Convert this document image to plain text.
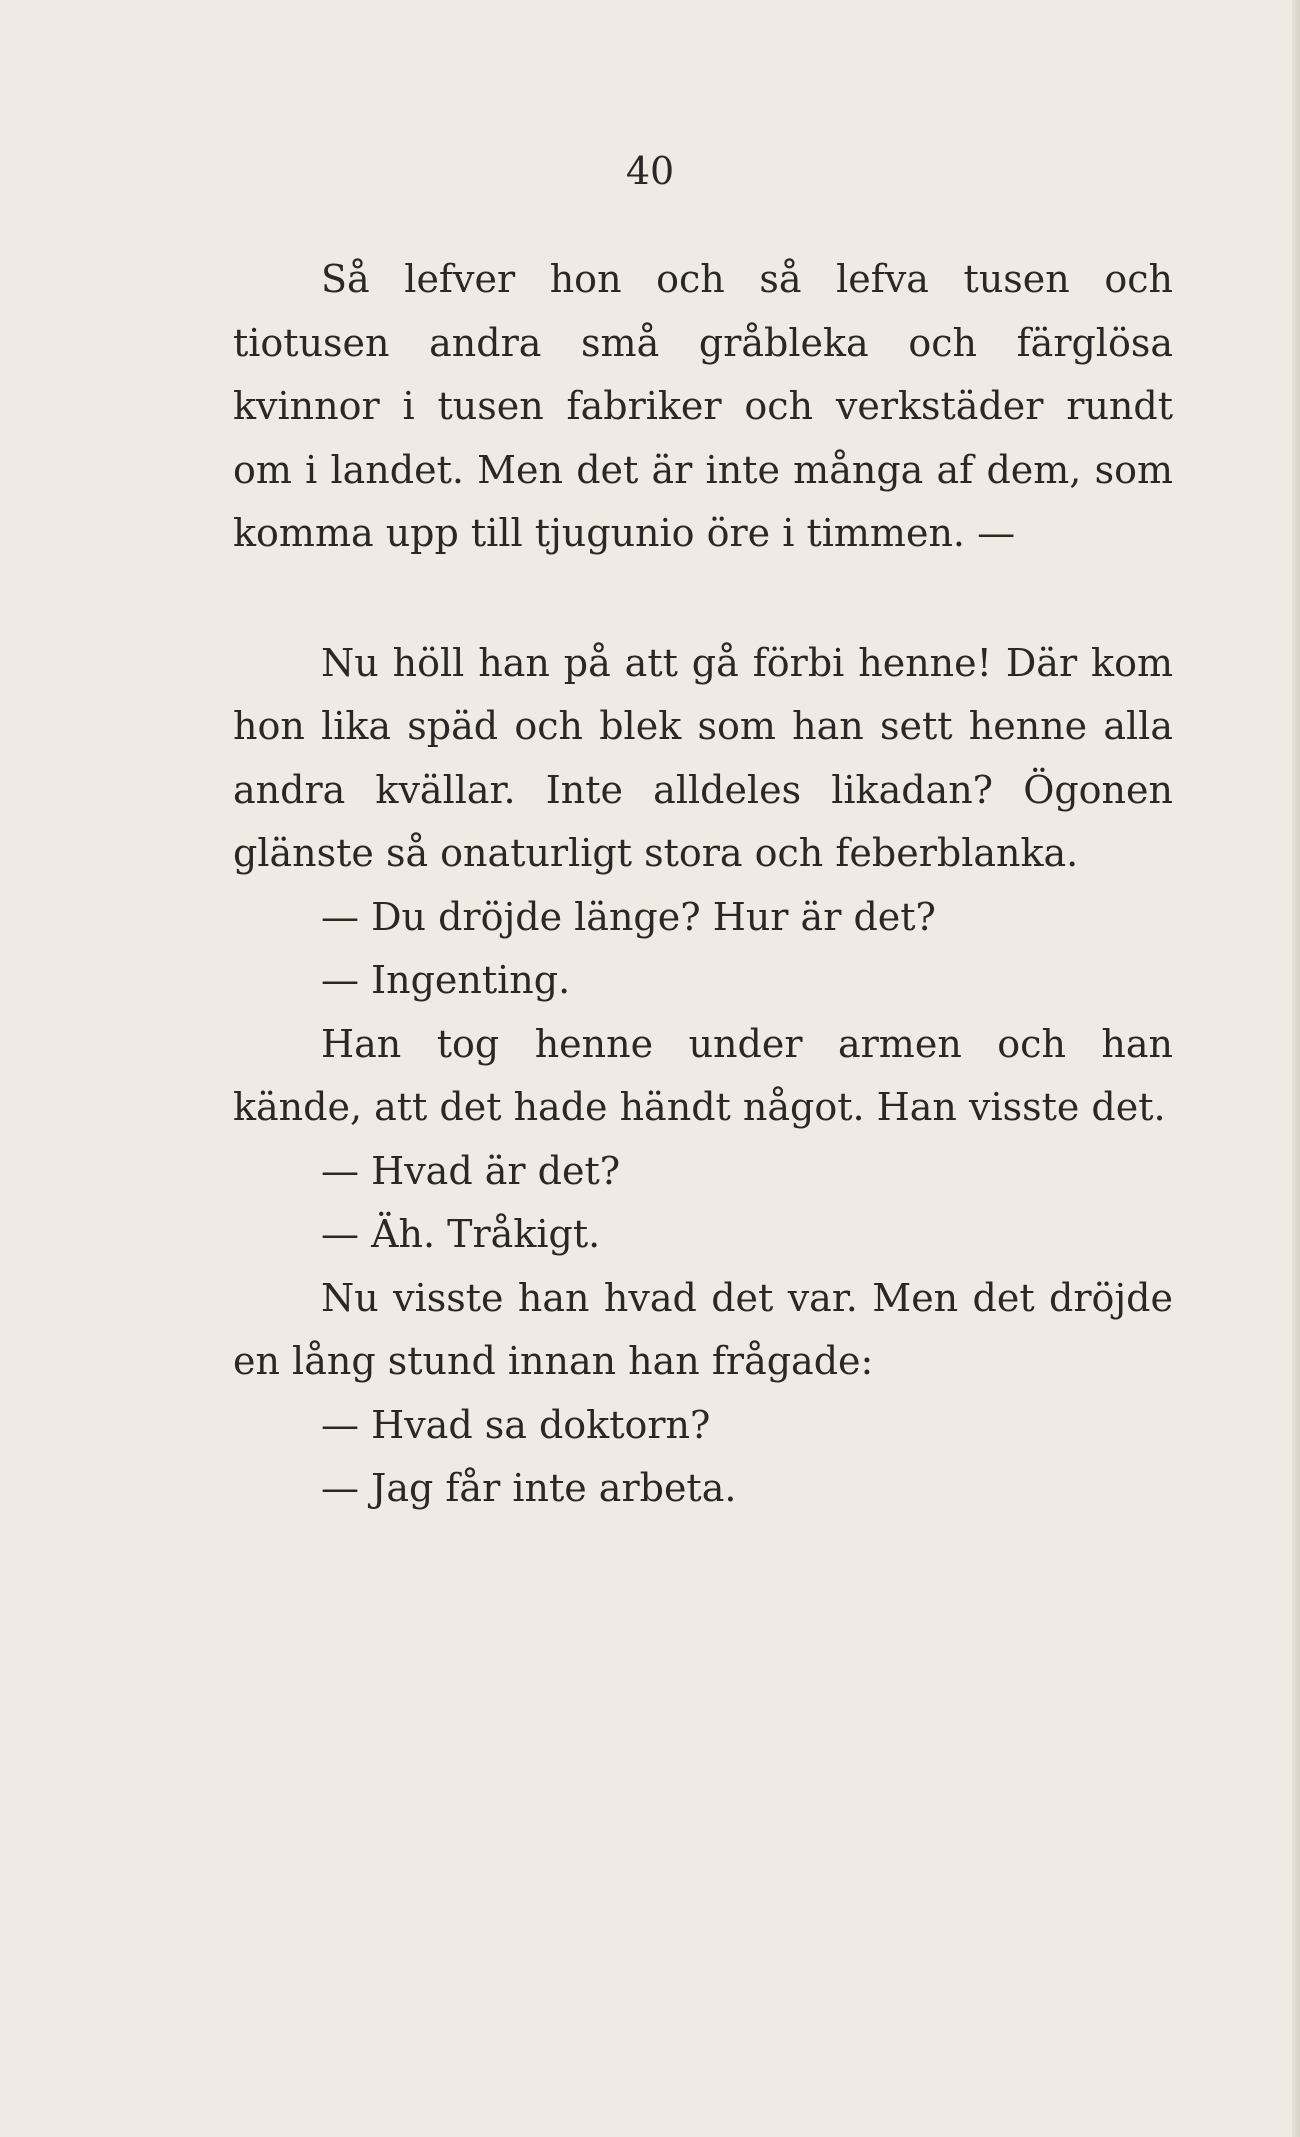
40

Så lefver hon och så lefva tusen och tiotusen andra små gråbleka och färglösa kvinnor i tusen fabriker och verkstäder rundt om i landet. Men det är inte många af dem, som komma upp till tjugunio öre i timmen. —

Nu höll han på att gå förbi henne! Där kom hon lika späd och blek som han sett henne alla andra kvällar. Inte alldeles likadan? Ögonen glänste så onaturligt stora och feberblanka.

— Du dröjde länge? Hur är det?

— Ingenting.

Han tog henne under armen och han kände, att det hade händt något. Han visste det.

— Hvad är det?

— Äh. Tråkigt.

Nu visste han hvad det var. Men det dröjde en lång stund innan han frågade:

— Hvad sa doktorn?

— Jag får inte arbeta.
